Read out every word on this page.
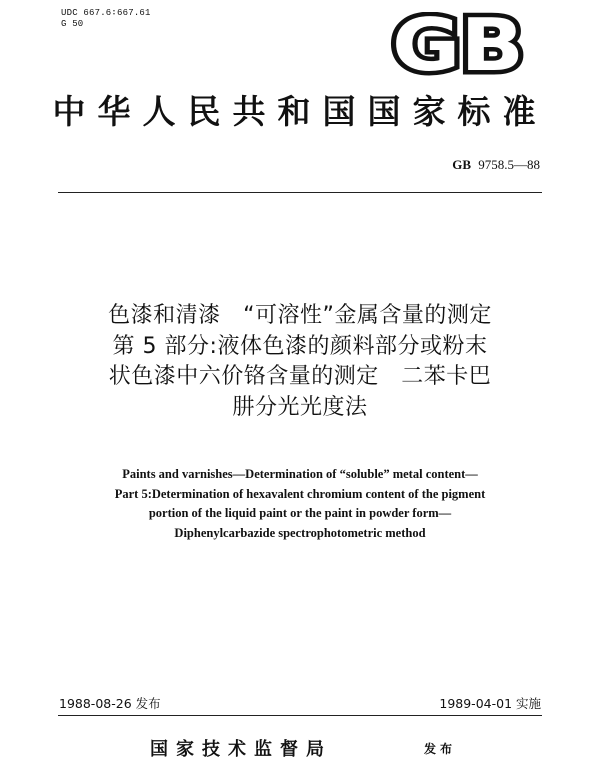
UDC 667.6∶667.61
G 50	GB
中华人民共和国国家标准
GB 9758.5—88
色漆和清漆　“可溶性”金属含量的测定
第 5 部分:液体色漆的颜料部分或粉末
状色漆中六价铬含量的测定　二苯卡巴
肼分光光度法
Paints and varnishes—Determination of “soluble” metal content—
Part 5:Determination of hexavalent chromium content of the pigment
portion of the liquid paint or the paint in powder form—
Diphenylcarbazide spectrophotometric method
1988-08-26 发布	1989-04-01 实施
国家技术监督局	发布
